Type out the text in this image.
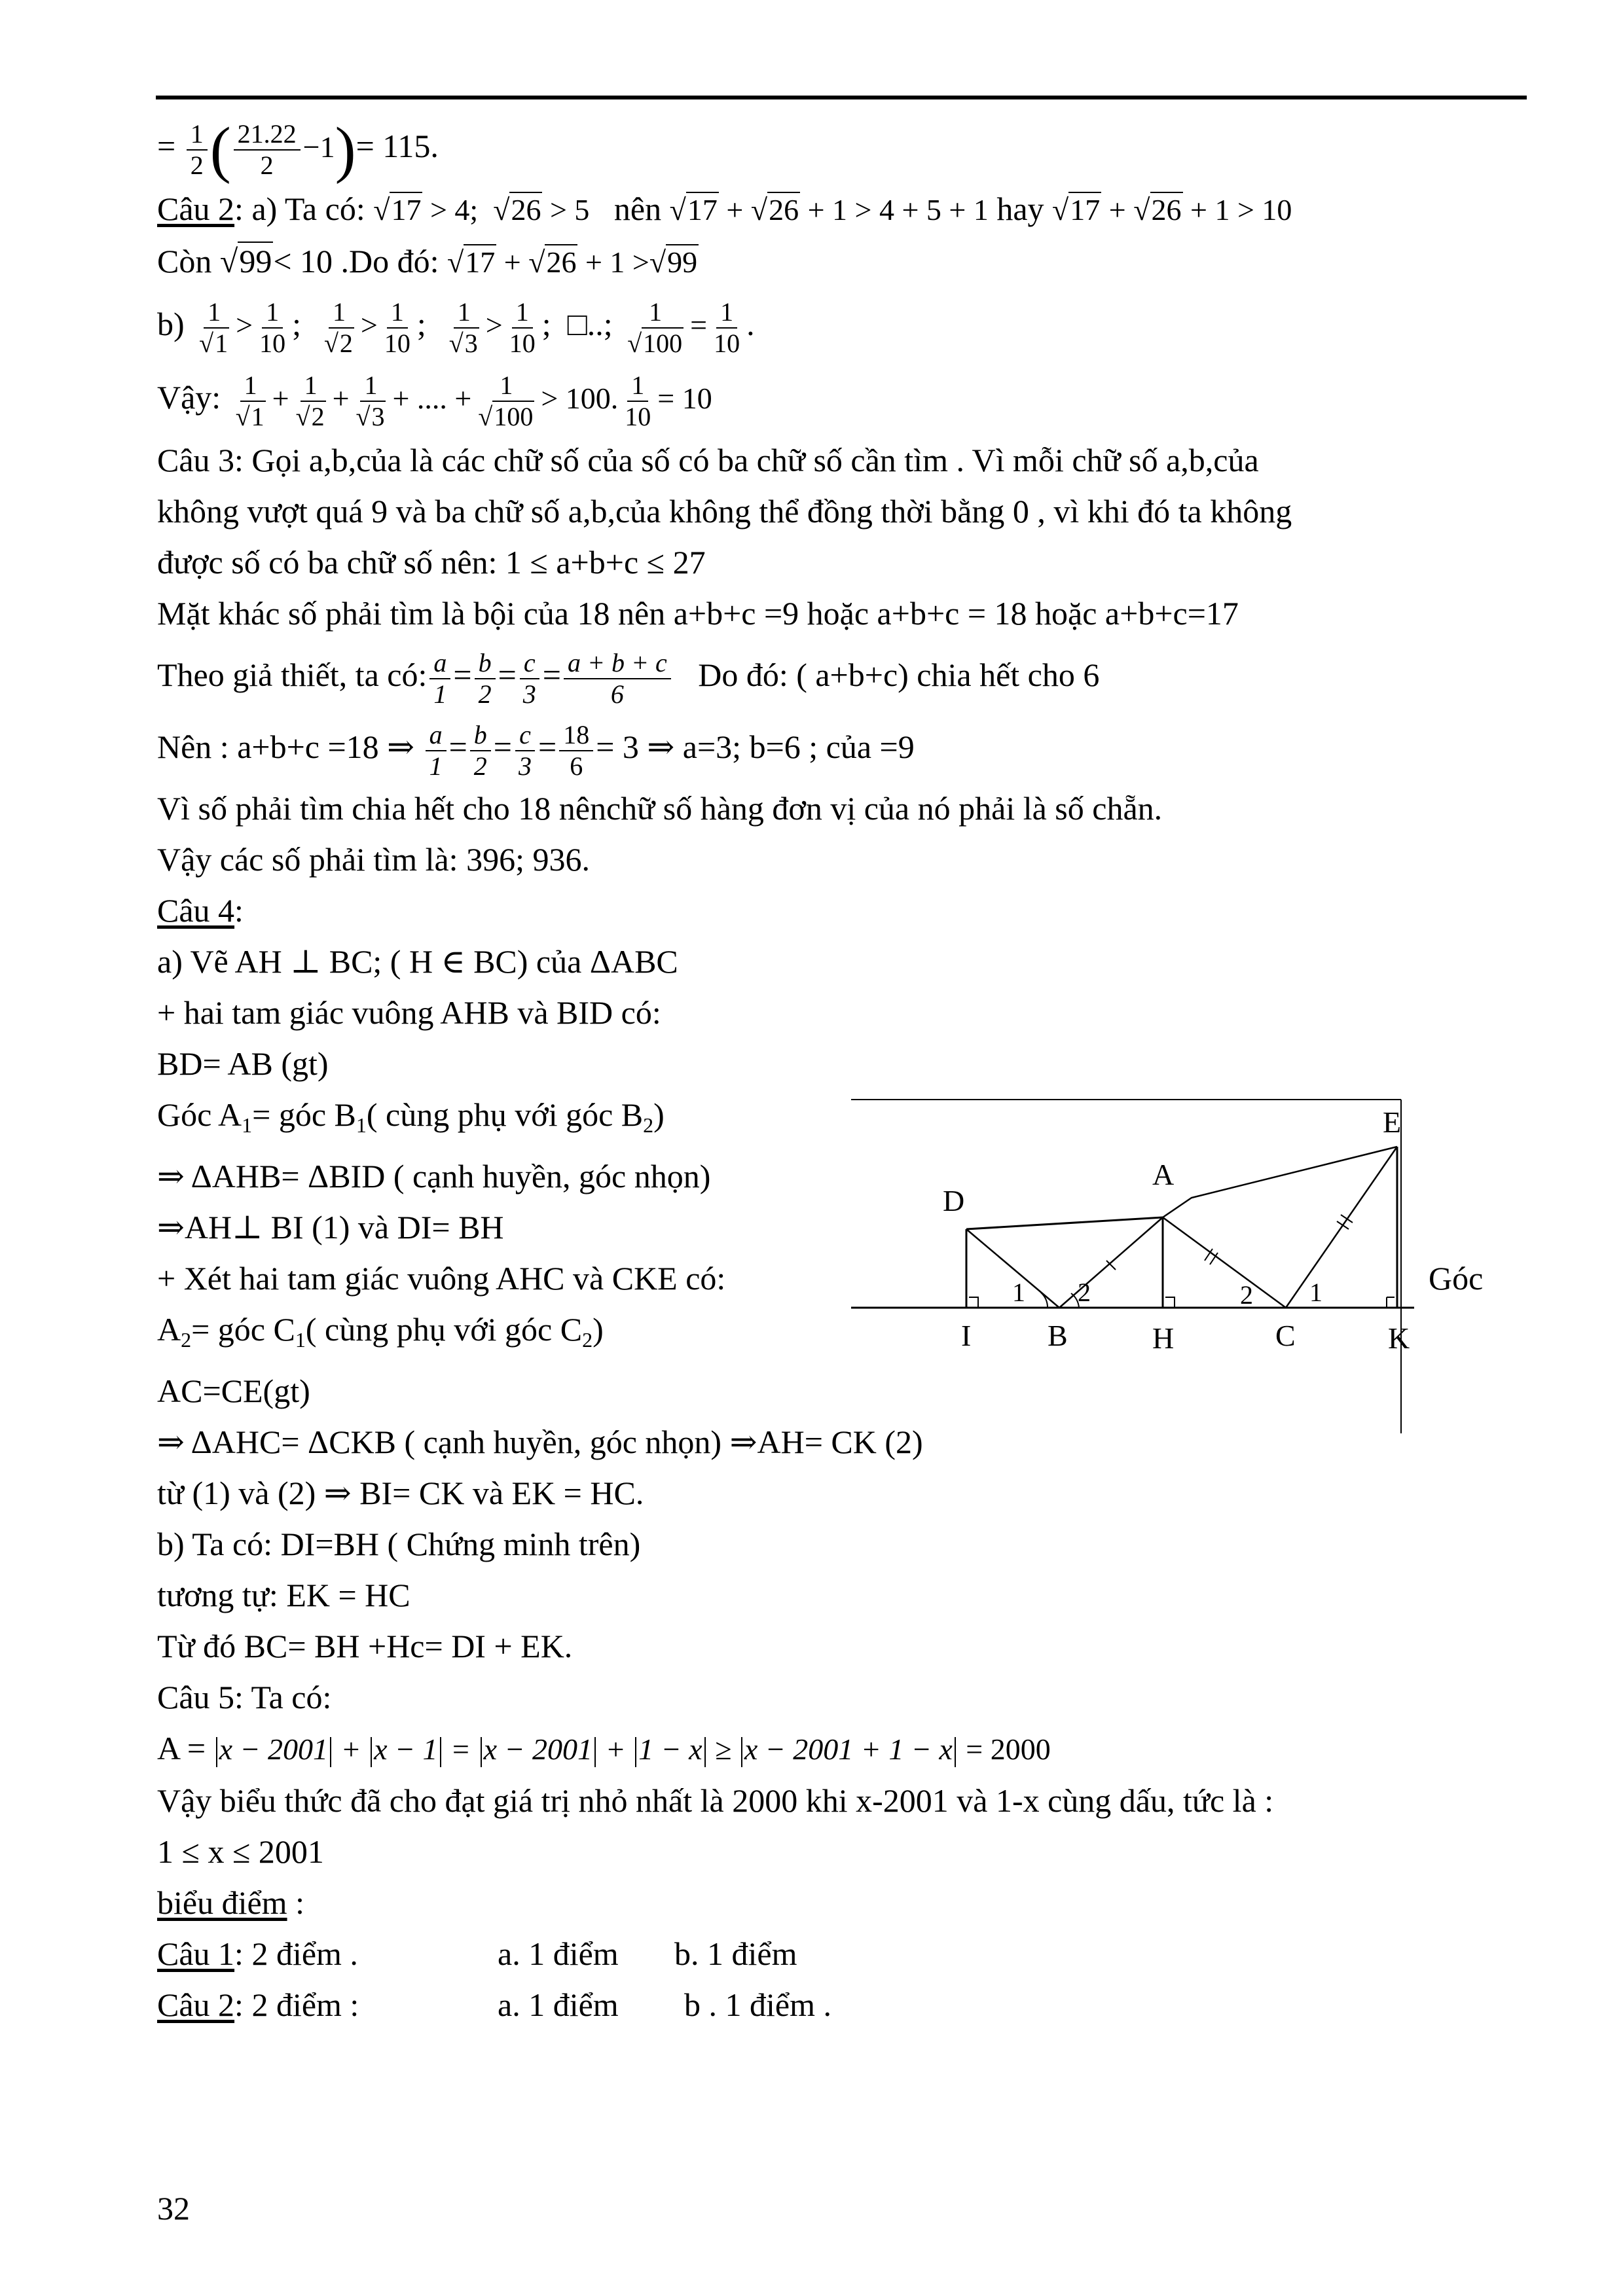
= $\frac{1}{2}$ ( $\frac{21.22}{2} -1)= 115$.
Câu 2: a) Ta có: √17 > 4;  √26 > 5 nên √17 + √26 + 1 > 4 + 5 + 1 hay √17 + √26 + 1 > 10
Còn √99< 10 .Do đó: √17 + √26 + 1 >√99
$b) \frac{1}{√1} > \frac{1}{10}$ ; $\frac{1}{√2} > \frac{1}{10}$ ; $\frac{1}{√3} > \frac{1}{10}$ ;  □..; $\frac{1}{√100} = \frac{1}{10}$ .
Vậy: $\frac{1}{√1} + \frac{1}{√2} + \frac{1}{√3}$ + .... + $\frac{1}{√100} > 100$. $\frac{1}{10} = 10$
Câu 3: Gọi a,b,của là các chữ số của số có ba chữ số cần tìm . Vì mỗi chữ số a,b,của
không vượt quá 9 và ba chữ số a,b,của không thể đồng thời bằng 0 , vì khi đó ta không
được số có ba chữ số nên: 1 ≤ a+b+c ≤ 27
Mặt khác số phải tìm là bội của 18 nên a+b+c =9 hoặc a+b+c = 18 hoặc a+b+c=17
Theo giả thiết, ta có: $\frac{a}{1} = \frac{b}{2} = \frac{c}{3} = \frac{a + b + c}{6}$ Do đó: ( a+b+c) chia hết cho 6
Nên : a+b+c =18 ⇒ $\frac{a}{1} = \frac{b}{2} = \frac{c}{3} = \frac{18}{6} = 3$ ⇒ a=3; b=6 ; của =9
Vì số phải tìm chia hết cho 18 nênchữ số hàng đơn vị của nó phải là số chẵn.
Vậy các số phải tìm là: 396; 936.
Câu 4:
a) Vẽ AH ⊥ BC; ( H ∈ BC) của ΔABC
+ hai tam giác vuông AHB và BID có:
BD= AB (gt)
Góc $A_1=$ góc $B_1$( cùng phụ với góc $B_2$)
⇒ ΔAHB= ΔBID ( cạnh huyền, góc nhọn)
⇒AH⊥ BI (1) và DI= BH
+ Xét hai tam giác vuông AHC và CKE có:	Góc
$A_2=$ góc $C_1$( cùng phụ với góc $C_2$)
AC=CE(gt)
⇒ ΔAHC= ΔCKB ( cạnh huyền, góc nhọn) ⇒AH= CK (2)
từ (1) và (2) ⇒ BI= CK và EK = HC.
b) Ta có: DI=BH ( Chứng minh trên)
tương tự: EK = HC
Từ đó BC= BH +Hc= DI + EK.
Câu 5: Ta có:
A = x − 2001 + x − 1 = x − 2001 + 1 − x ≥ x − 2001 + 1 − x = 2000
Vậy biểu thức đã cho đạt giá trị nhỏ nhất là 2000 khi x-2001 và 1-x cùng dấu, tức là :
1 ≤ x ≤ 2001
biểu điểm :
Câu 1: 2 điểm .	a. 1 điểm b. 1 điểm
Câu 2: 2 điểm :	a. 1 điểm b . 1 điểm .
D
A
E
I	B	H	C	K
1 2	2 1
32
